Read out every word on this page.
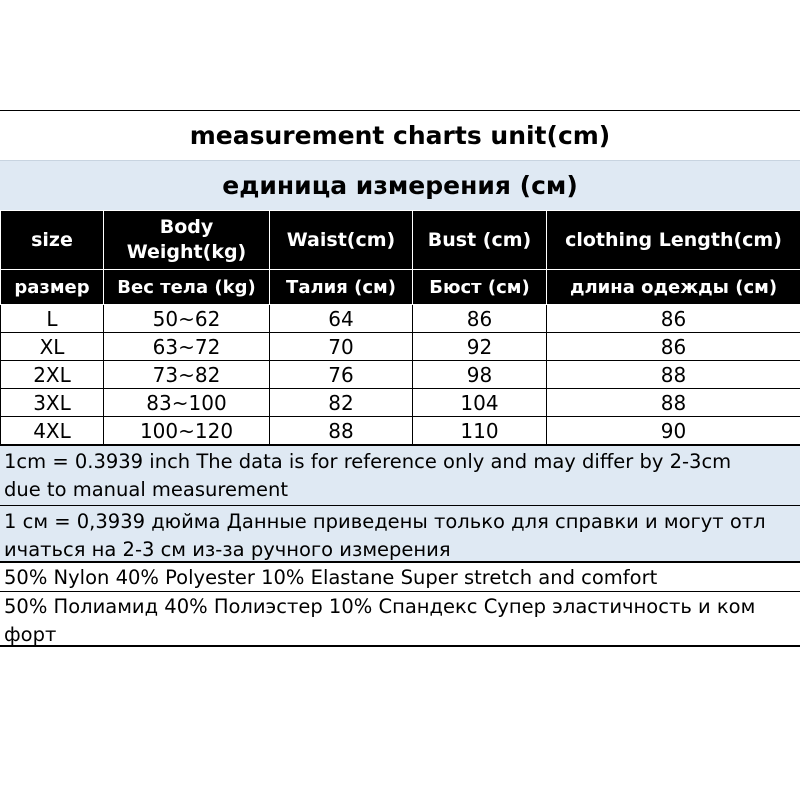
measurement charts unit(cm)
единица измерения (см)
size	Body Weight(kg)	Waist(cm)	Bust (cm)	clothing Length(cm)
размер	Вес тела (kg)	Талия (см)	Бюст (см)	длина одежды (см)
L	50~62	64	86	86
XL	63~72	70	92	86
2XL	73~82	76	98	88
3XL	83~100	82	104	88
4XL	100~120	88	110	90
1cm = 0.3939 inch The data is for reference only and may differ by 2-3cm
due to manual measurement
1 см = 0,3939 дюйма Данные приведены только для справки и могут отл
ичаться на 2-3 см из-за ручного измерения
50% Nylon 40% Polyester 10% Elastane Super stretch and comfort
50% Полиамид 40% Полиэстер 10% Спандекс Супер эластичность и ком
форт
